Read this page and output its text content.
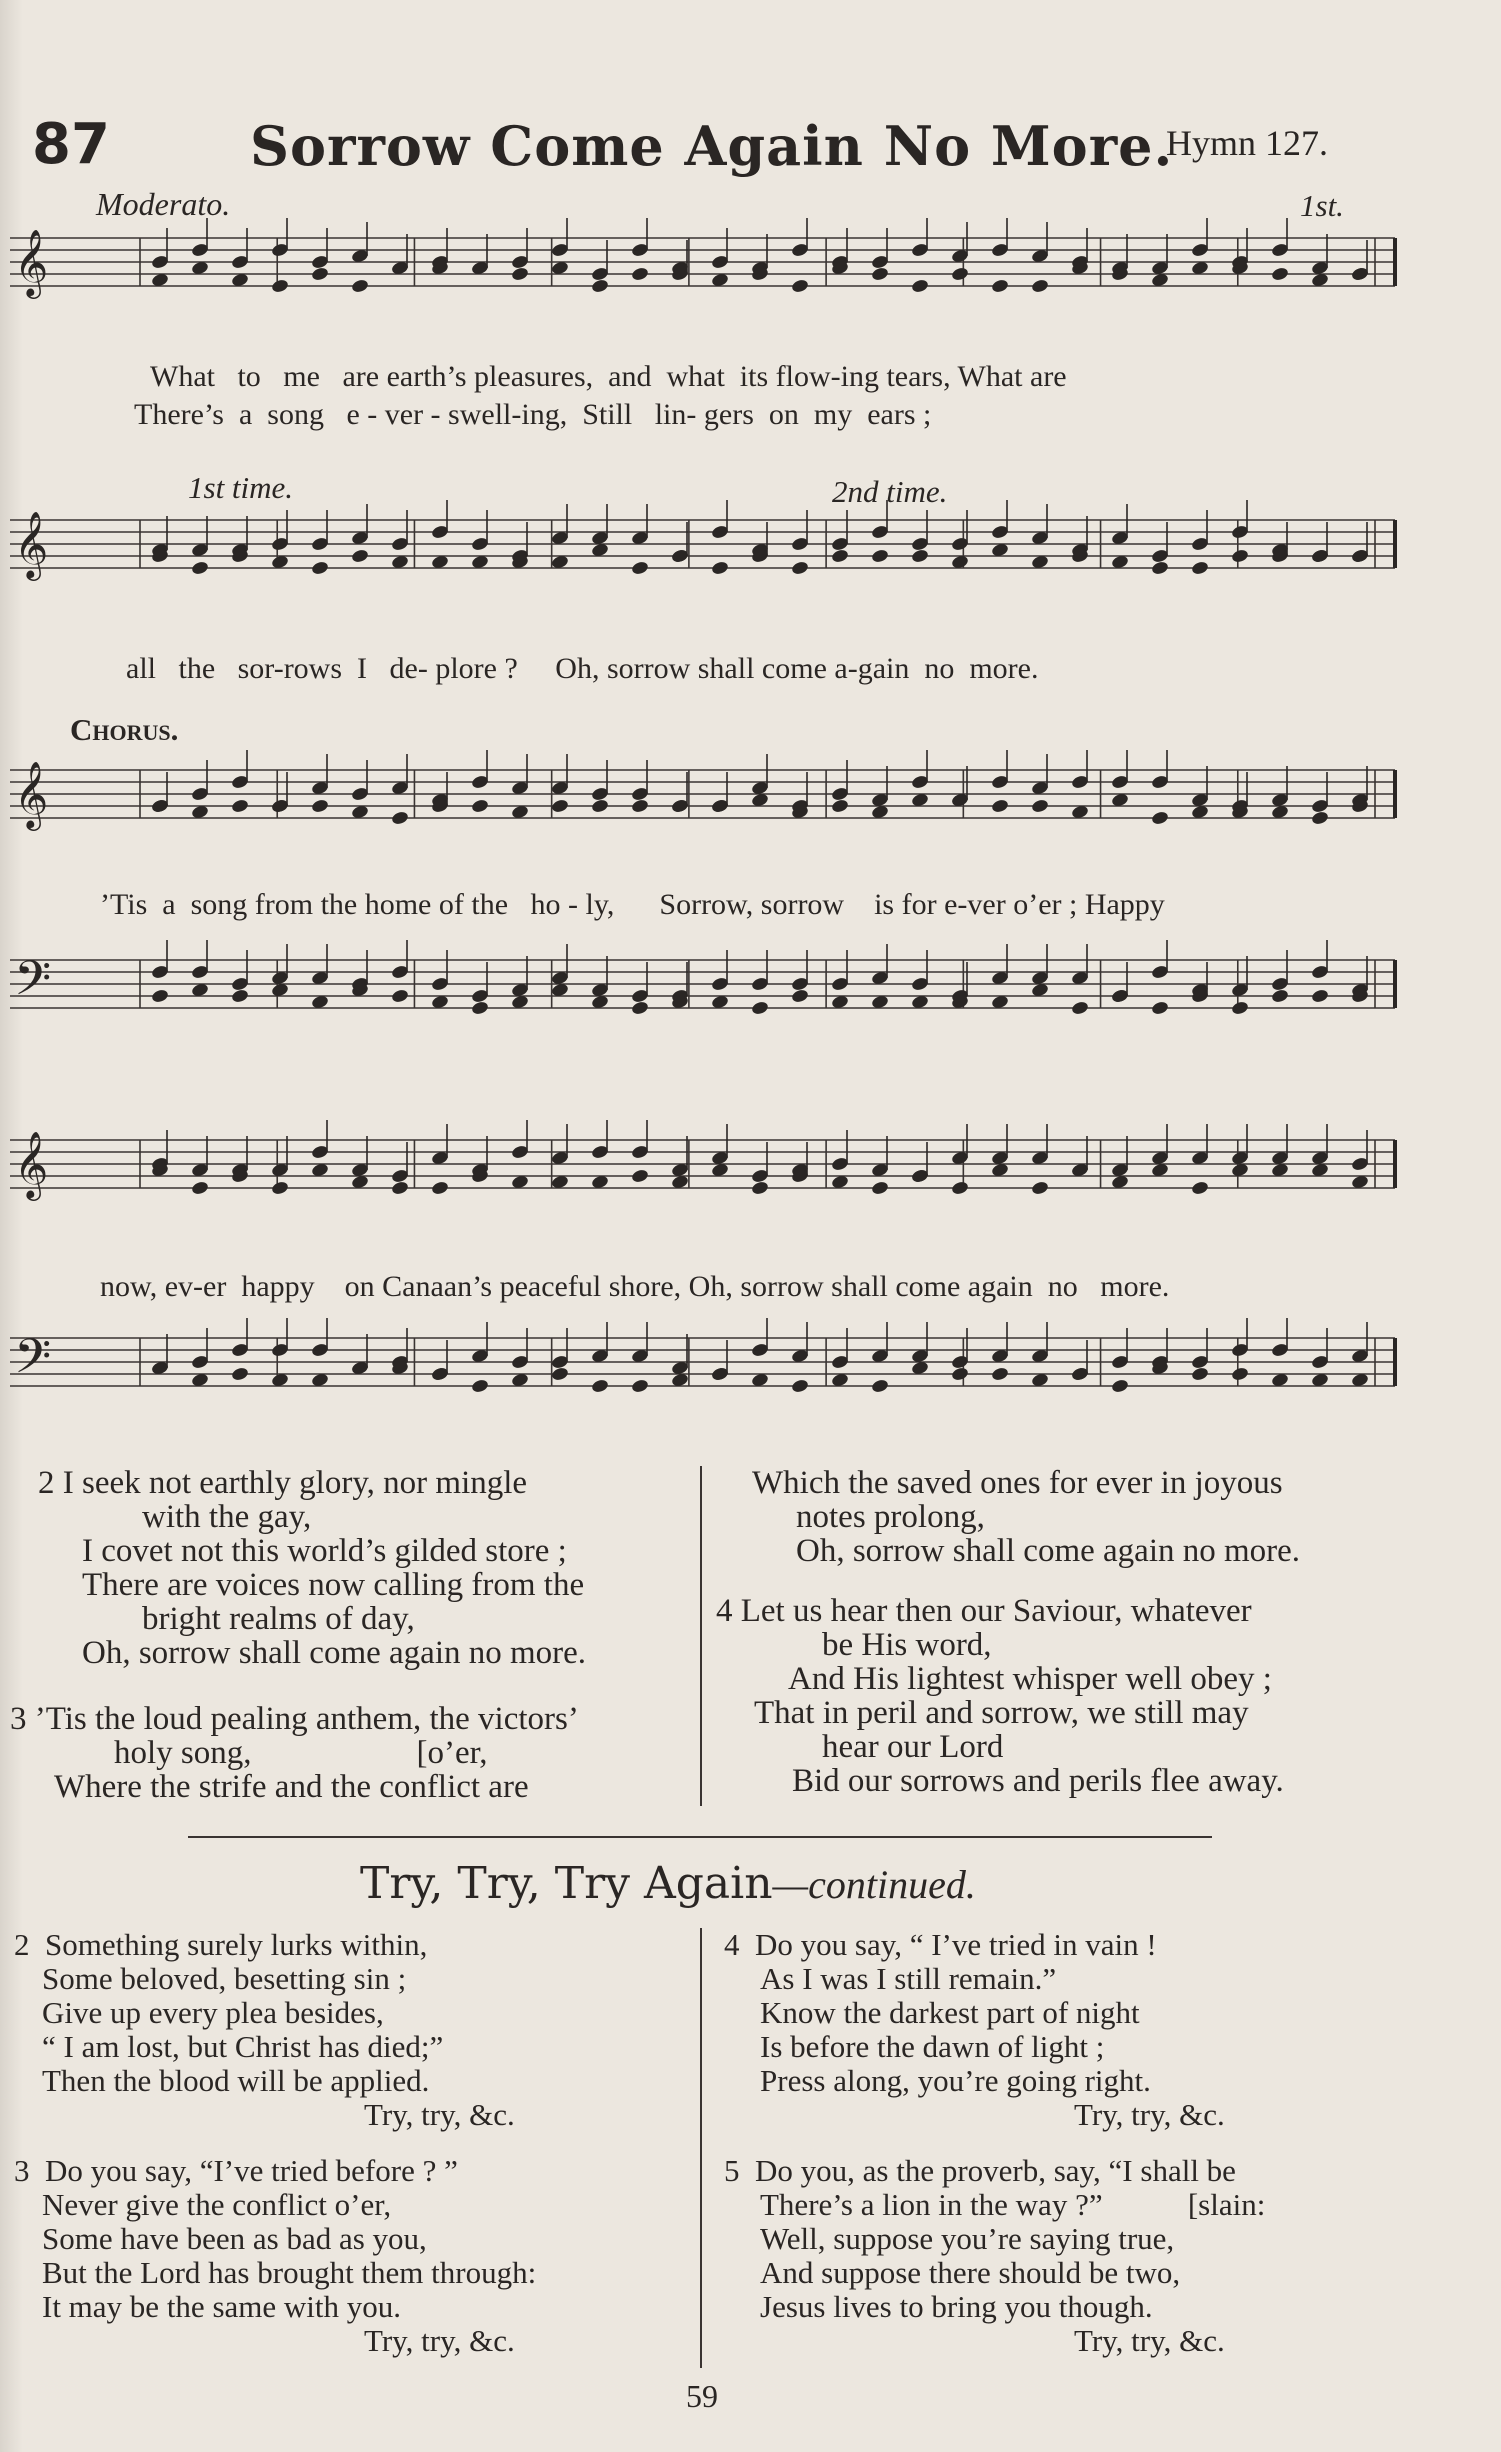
87	Sorrow Come Again No More.
Hymn 127.
Moderato.	1st.
1st time.	2nd time.
Chorus.
𝄞
𝄞
𝄞
𝄢
𝄞
𝄢
What   to   me   are earth’s pleasures,  and  what  its flow-ing tears, What are
There’s  a  song   e - ver - swell-ing,  Still   lin- gers  on  my  ears ;
all   the   sor-rows  I   de- plore ?     Oh, sorrow shall come a-gain  no  more.
’Tis  a  song from the home of the   ho - ly,      Sorrow, sorrow    is for e-ver o’er ; Happy
now, ev-er  happy    on Canaan’s peaceful shore, Oh, sorrow shall come again  no   more.
2 I seek not earthly glory, nor mingle
with the gay,
I covet not this world’s gilded store ;
There are voices now calling from the
bright realms of day,
Oh, sorrow shall come again no more.
3 ’Tis the loud pealing anthem, the victors’
holy song,                    [o’er,
Where the strife and the conflict are
Which the saved ones for ever in joyous
notes prolong,
Oh, sorrow shall come again no more.
4 Let us hear then our Saviour, whatever
be His word,
And His lightest whisper well obey ;
That in peril and sorrow, we still may
hear our Lord
Bid our sorrows and perils flee away.
Try, Try, Try Again—continued.
2 Something surely lurks within,
Some beloved, besetting sin ;
Give up every plea besides,
“ I am lost, but Christ has died;”
Then the blood will be applied.
Try, try, &c.
3 Do you say, “I’ve tried before ? ”
Never give the conflict o’er,
Some have been as bad as you,
But the Lord has brought them through:
It may be the same with you.
Try, try, &c.
4 Do you say, “ I’ve tried in vain !
As I was I still remain.”
Know the darkest part of night
Is before the dawn of light ;
Press along, you’re going right.
Try, try, &c.
5 Do you, as the proverb, say, “I shall be
There’s a lion in the way ?”           [slain:
Well, suppose you’re saying true,
And suppose there should be two,
Jesus lives to bring you though.
Try, try, &c.
59
